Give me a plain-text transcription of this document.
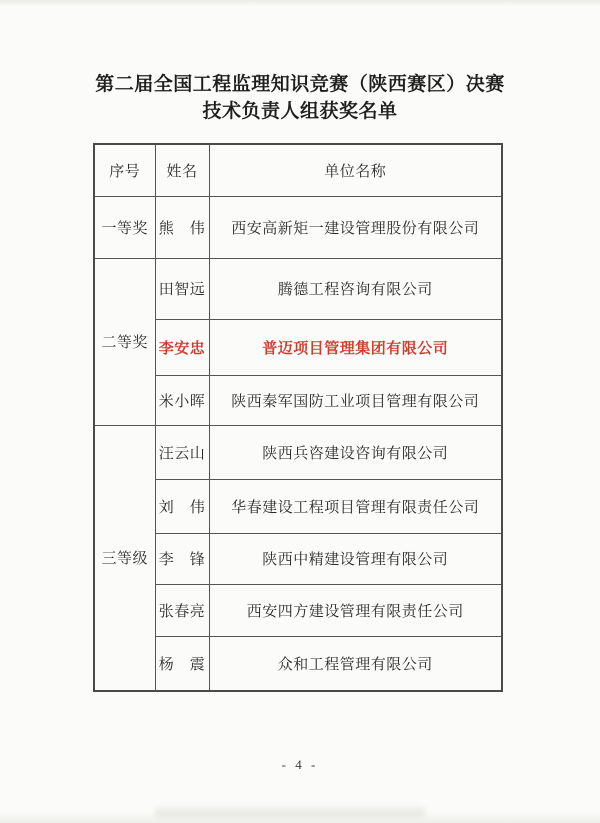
第二届全国工程监理知识竞赛（陕西赛区）决赛
技术负责人组获奖名单
序号	姓名	单位名称
一等奖	熊　伟	西安高新矩一建设管理股份有限公司
二等奖	田智远	腾德工程咨询有限公司
	李安忠	普迈项目管理集团有限公司
	米小晖	陕西秦军国防工业项目管理有限公司
三等级	汪云山	陕西兵咨建设咨询有限公司
	刘　伟	华春建设工程项目管理有限责任公司
	李　锋	陕西中精建设管理有限公司
	张春亮	西安四方建设管理有限责任公司
	杨　震	众和工程管理有限公司
- 4 -
